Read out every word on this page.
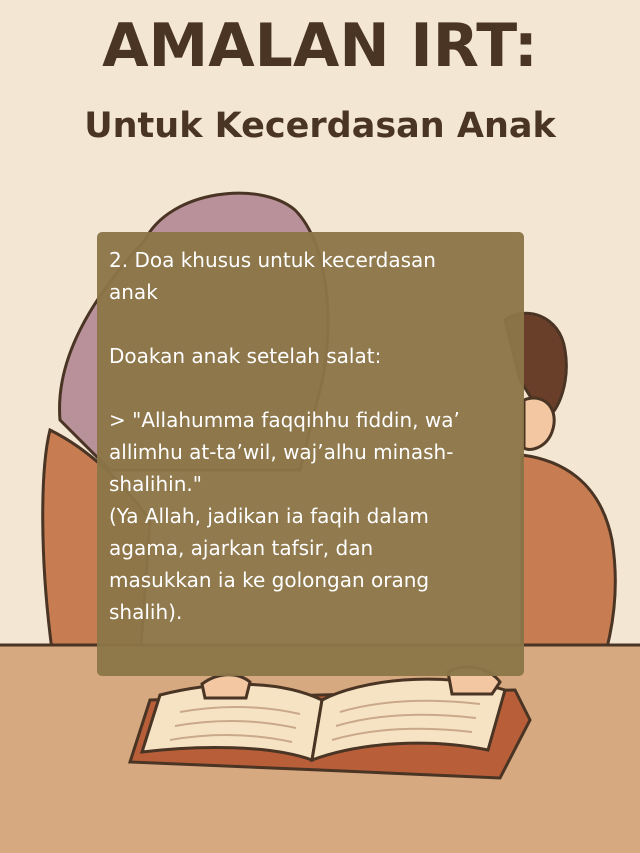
AMALAN IRT:
Untuk Kecerdasan Anak

2. Doa khusus untuk kecerdasan
anak

Doakan anak setelah salat:

> "Allahumma faqqihhu fiddin, wa’
allimhu at-ta’wil, waj’alhu minash-
shalihin."
(Ya Allah, jadikan ia faqih dalam
agama, ajarkan tafsir, dan
masukkan ia ke golongan orang
shalih).
